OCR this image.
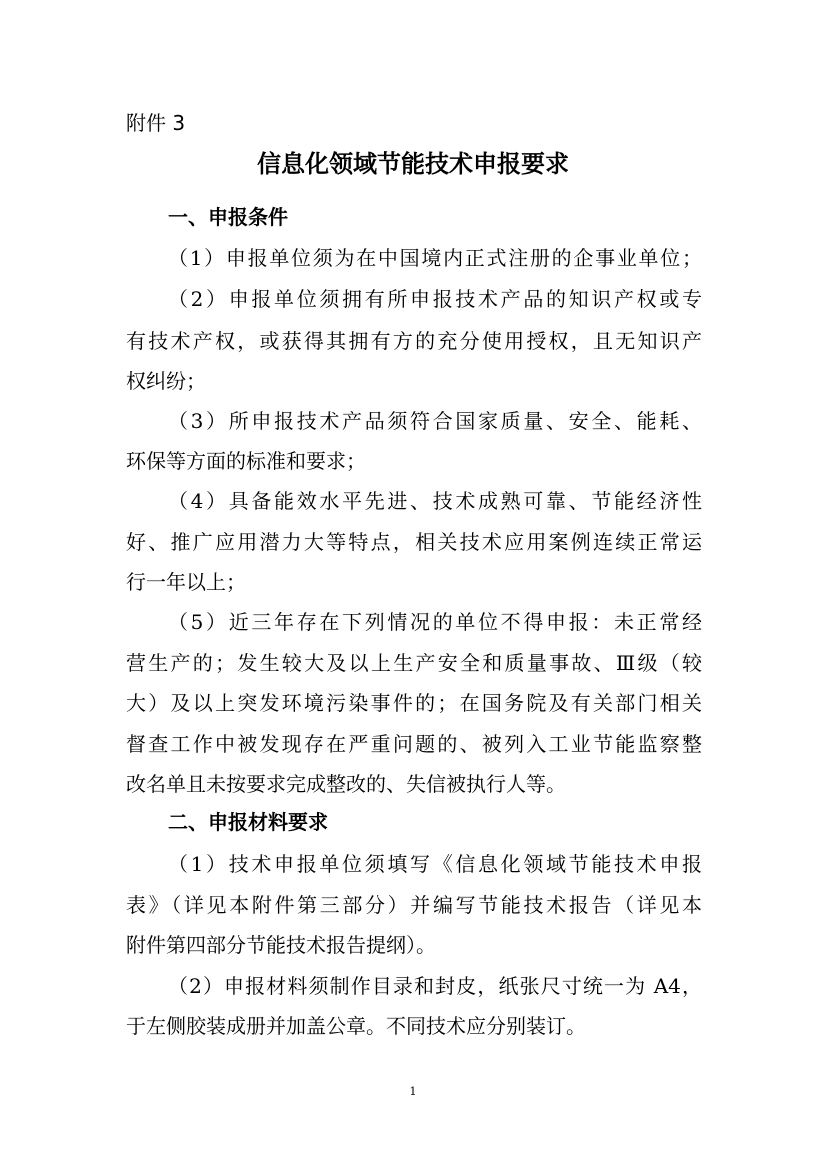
附件 3
信息化领域节能技术申报要求
一、申报条件
（1）申报单位须为在中国境内正式注册的企事业单位；
（2）申报单位须拥有所申报技术产品的知识产权或专
有技术产权，或获得其拥有方的充分使用授权，且无知识产
权纠纷；
（3）所申报技术产品须符合国家质量、安全、能耗、
环保等方面的标准和要求；
（4）具备能效水平先进、技术成熟可靠、节能经济性
好、推广应用潜力大等特点，相关技术应用案例连续正常运
行一年以上；
（5）近三年存在下列情况的单位不得申报：未正常经
营生产的；发生较大及以上生产安全和质量事故、Ⅲ级（较
大）及以上突发环境污染事件的；在国务院及有关部门相关
督查工作中被发现存在严重问题的、被列入工业节能监察整
改名单且未按要求完成整改的、失信被执行人等。
二、申报材料要求
（1）技术申报单位须填写《信息化领域节能技术申报
表》（详见本附件第三部分）并编写节能技术报告（详见本
附件第四部分节能技术报告提纲）。
（2）申报材料须制作目录和封皮，纸张尺寸统一为 A4，
于左侧胶装成册并加盖公章。不同技术应分别装订。
1
